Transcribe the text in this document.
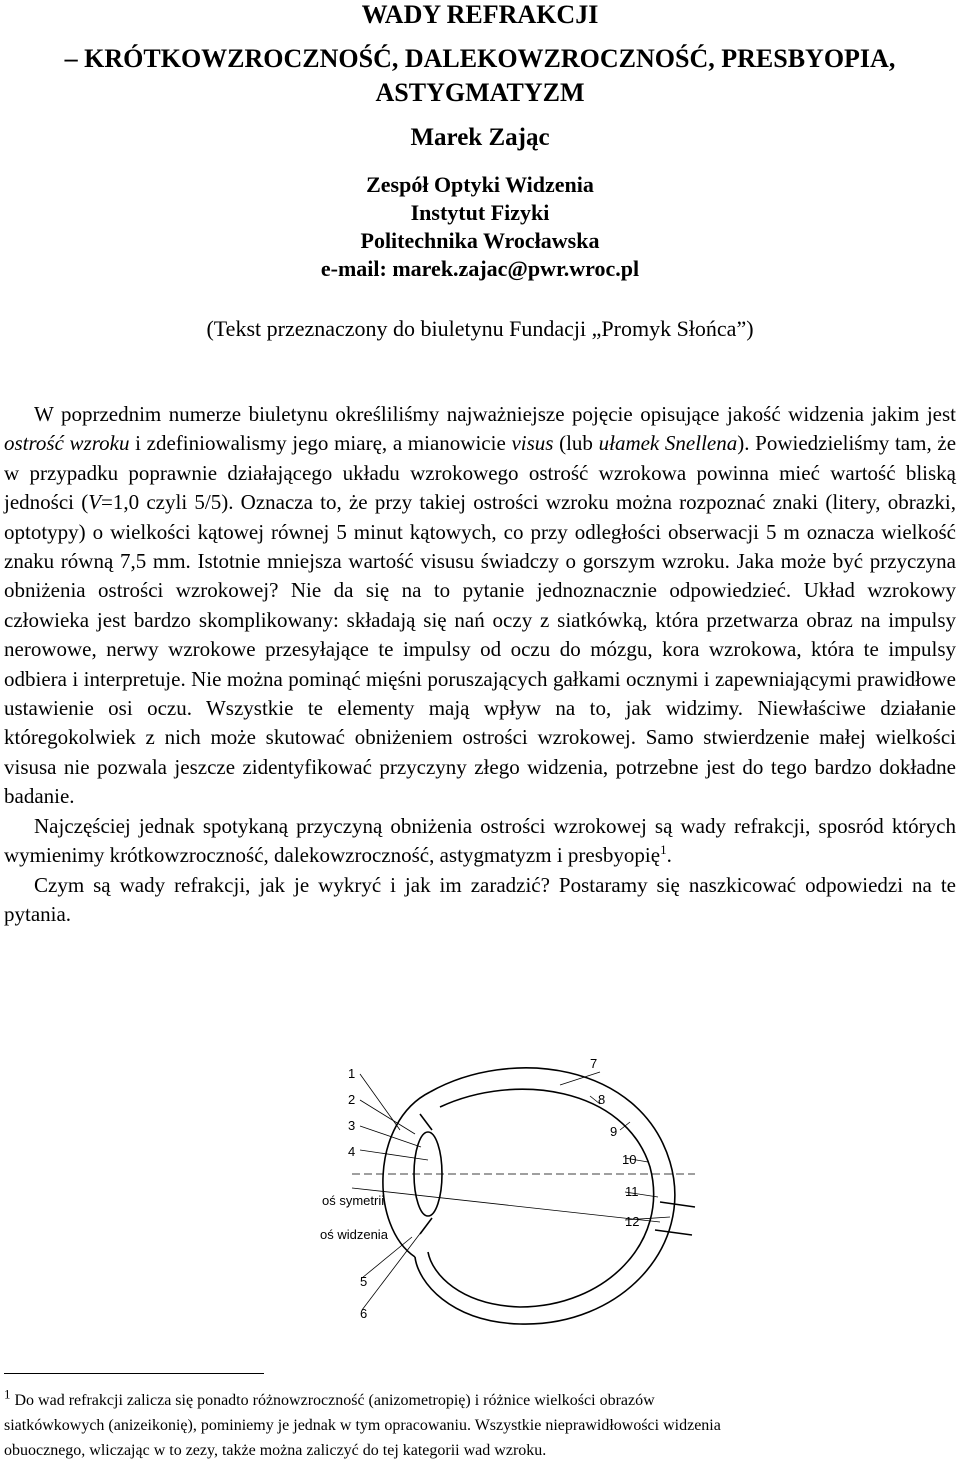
WADY REFRAKCJI
– KRÓTKOWZROCZNOŚĆ, DALEKOWZROCZNOŚĆ, PRESBYOPIA,
ASTYGMATYZM
Marek Zając
Zespół Optyki Widzenia
Instytut Fizyki
Politechnika Wrocławska
e-mail: marek.zajac@pwr.wroc.pl
(Tekst przeznaczony do biuletynu Fundacji „Promyk Słońca”)

W poprzednim numerze biuletynu określiliśmy najważniejsze pojęcie opisujące jakość widzenia jakim jest ostrość wzroku i zdefiniowalismy jego miarę, a mianowicie visus (lub ułamek Snellena). Powiedzieliśmy tam, że w przypadku poprawnie działającego układu wzrokowego ostrość wzrokowa powinna mieć wartość bliską jedności (V=1,0 czyli 5/5). Oznacza to, że przy takiej ostrości wzroku można rozpoznać znaki (litery, obrazki, optotypy) o wielkości kątowej równej 5 minut kątowych, co przy odległości obserwacji 5 m oznacza wielkość znaku równą 7,5 mm. Istotnie mniejsza wartość visusu świadczy o gorszym wzroku. Jaka może być przyczyna obniżenia ostrości wzrokowej? Nie da się na to pytanie jednoznacznie odpowiedzieć. Układ wzrokowy człowieka jest bardzo skomplikowany: składają się nań oczy z siatkówką, która przetwarza obraz na impulsy nerowowe, nerwy wzrokowe przesyłające te impulsy od oczu do mózgu, kora wzrokowa, która te impulsy odbiera i interpretuje. Nie można pominąć mięśni poruszających gałkami ocznymi i zapewniającymi prawidłowe ustawienie osi oczu. Wszystkie te elementy mają wpływ na to, jak widzimy. Niewłaściwe działanie któregokolwiek z nich może skutować obniżeniem ostrości wzrokowej. Samo stwierdzenie małej wielkości visusa nie pozwala jeszcze zidentyfikować przyczyny złego widzenia, potrzebne jest do tego bardzo dokładne badanie.

Najczęściej jednak spotykaną przyczyną obniżenia ostrości wzrokowej są wady refrakcji, sposród których wymienimy krótkowzroczność, dalekowzroczność, astygmatyzm i presbyopię$^1$.

Czym są wady refrakcji, jak je wykryć i jak im zaradzić? Postaramy się naszkicować odpowiedzi na te pytania.

1
2
3
4
5
6
7
8
9
10
11
12
oś symetrii
oś widzenia

$^1$ Do wad refrakcji zalicza się ponadto różnowzroczność (anizometropię) i różnice wielkości obrazów

siatkówkowych (anizeikonię), pominiemy je jednak w tym opracowaniu. Wszystkie nieprawidłowości widzenia

obuocznego, wliczając w to zezy, także można zaliczyć do tej kategorii wad wzroku.
